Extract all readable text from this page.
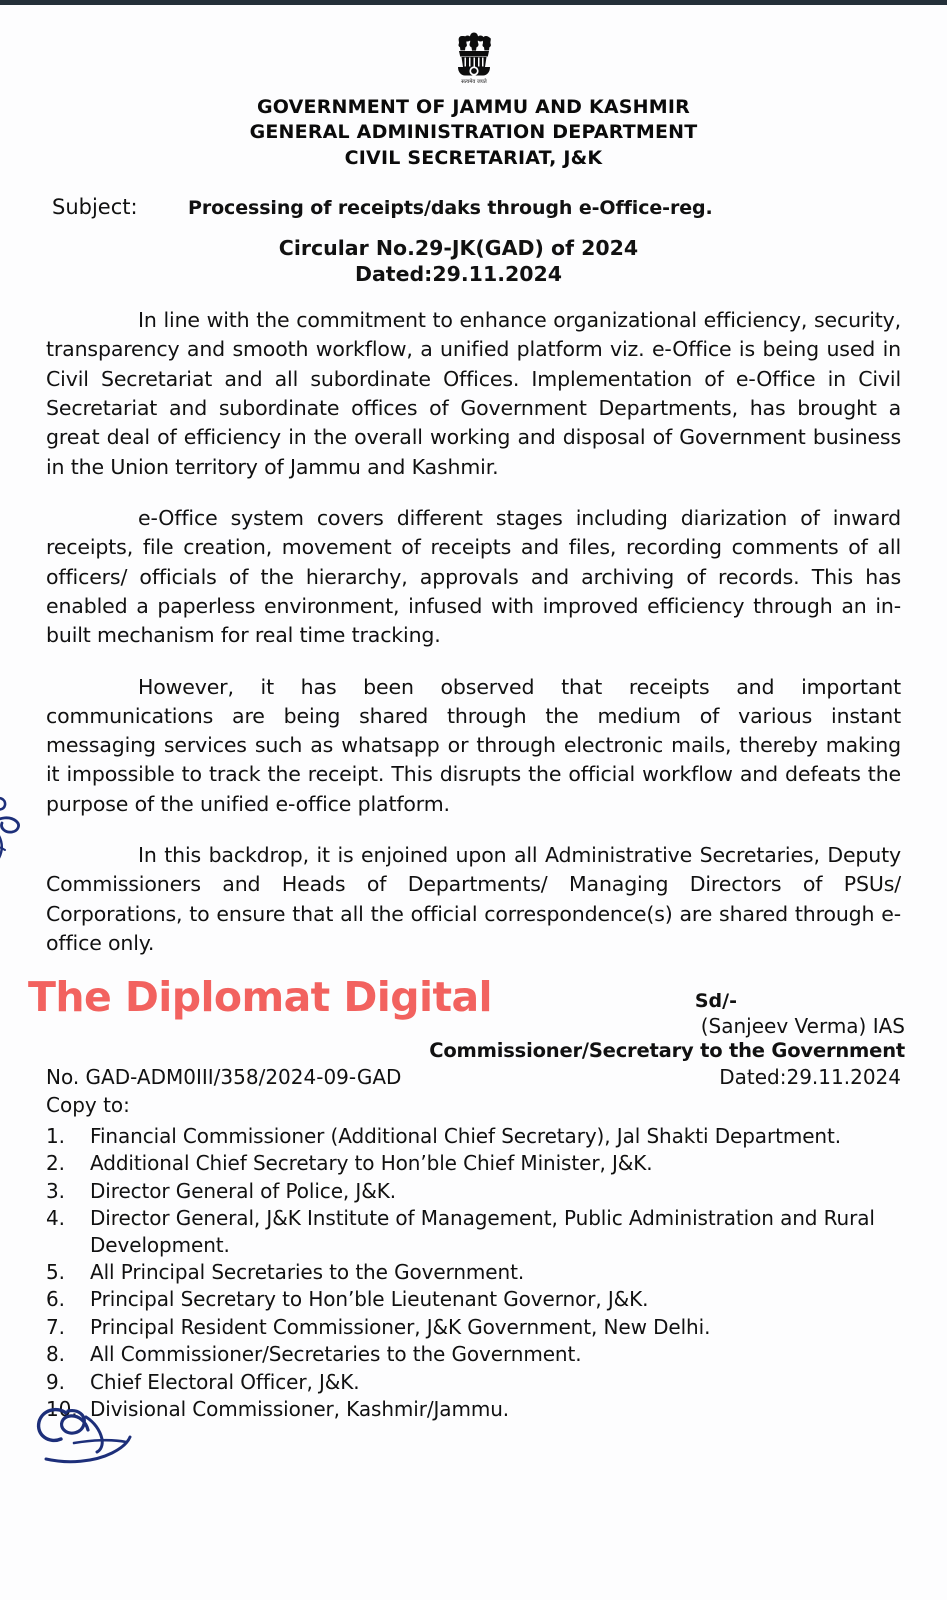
सत्यमेव जयते
GOVERNMENT OF JAMMU AND KASHMIR
GENERAL ADMINISTRATION DEPARTMENT
CIVIL SECRETARIAT, J&K
Subject:	Processing of receipts/daks through e-Office-reg.
Circular No.29-JK(GAD) of 2024
Dated:29.11.2024

In line with the commitment to enhance organizational efficiency, security, transparency and smooth workflow, a unified platform viz. e-Office is being used in Civil Secretariat and all subordinate Offices. Implementation of e-Office in Civil Secretariat and subordinate offices of Government Departments, has brought a great deal of efficiency in the overall working and disposal of Government business in the Union territory of Jammu and Kashmir.

e-Office system covers different stages including diarization of inward receipts, file creation, movement of receipts and files, recording comments of all officers/ officials of the hierarchy, approvals and archiving of records. This has enabled a paperless environment, infused with improved efficiency through an in-built mechanism for real time tracking.

However, it has been observed that receipts and important communications are being shared through the medium of various instant messaging services such as whatsapp or through electronic mails, thereby making it impossible to track the receipt. This disrupts the official workflow and defeats the purpose of the unified e-office platform.

In this backdrop, it is enjoined upon all Administrative Secretaries, Deputy Commissioners and Heads of Departments/ Managing Directors of PSUs/ Corporations, to ensure that all the official correspondence(s) are shared through e-office only.

The Diplomat Digital	Sd/-
(Sanjeev Verma) IAS
Commissioner/Secretary to the Government
No. GAD-ADM0III/358/2024-09-GAD	Dated:29.11.2024
Copy to:
1.	Financial Commissioner (Additional Chief Secretary), Jal Shakti Department.
2.	Additional Chief Secretary to Hon’ble Chief Minister, J&K.
3.	Director General of Police, J&K.
4.	Director General, J&K Institute of Management, Public Administration and Rural Development.
5.	All Principal Secretaries to the Government.
6.	Principal Secretary to Hon’ble Lieutenant Governor, J&K.
7.	Principal Resident Commissioner, J&K Government, New Delhi.
8.	All Commissioner/Secretaries to the Government.
9.	Chief Electoral Officer, J&K.
10. Divisional Commissioner, Kashmir/Jammu.
